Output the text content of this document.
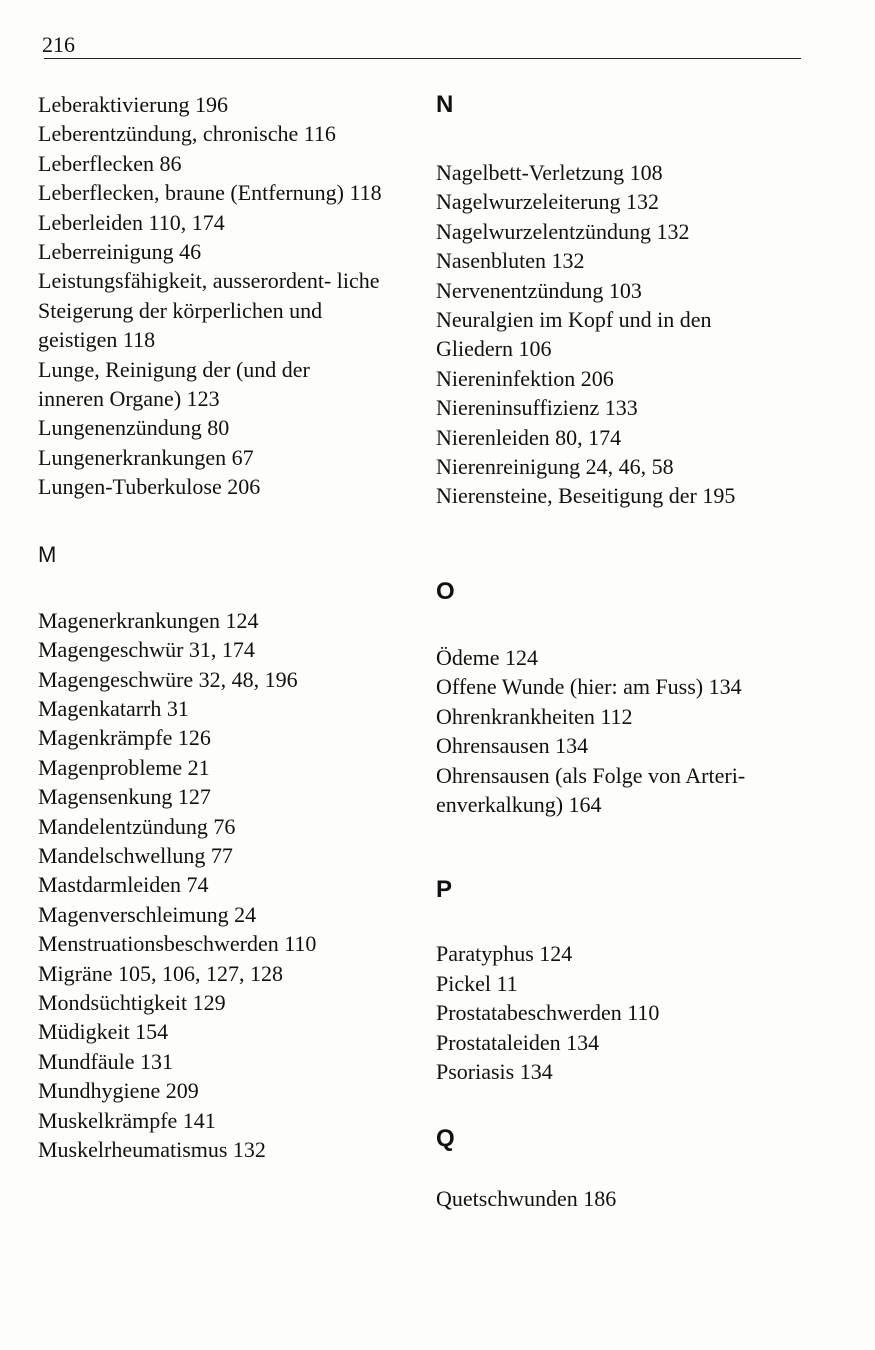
216

Leberaktivierung 196

Leberentzündung, chronische 116

Leberflecken 86

Leberflecken, braune (Entfernung) 118

Leberleiden 110, 174

Leberreinigung 46

Leistungsfähigkeit, ausserordent- liche Steigerung der körperlichen und geistigen 118

Lunge, Reinigung der (und der inneren Organe) 123

Lungenenzündung 80

Lungenerkrankungen 67

Lungen-Tuberkulose 206

M

Magenerkrankungen 124

Magengeschwür 31, 174

Magengeschwüre 32, 48, 196

Magenkatarrh 31

Magenkrämpfe 126

Magenprobleme 21

Magensenkung 127

Mandelentzündung 76

Mandelschwellung 77

Mastdarmleiden 74

Magenverschleimung 24

Menstruationsbeschwerden 110

Migräne 105, 106, 127, 128

Mondsüchtigkeit 129

Müdigkeit 154

Mundfäule 131

Mundhygiene 209

Muskelkrämpfe 141

Muskelrheumatismus 132

N

Nagelbett-Verletzung 108

Nagelwurzeleiterung 132

Nagelwurzelentzündung 132

Nasenbluten 132

Nervenentzündung 103

Neuralgien im Kopf und in den Gliedern 106

Niereninfektion 206

Niereninsuffizienz 133

Nierenleiden 80, 174

Nierenreinigung 24, 46, 58

Nierensteine, Beseitigung der 195

O

Ödeme 124

Offene Wunde (hier: am Fuss) 134

Ohrenkrankheiten 112

Ohrensausen 134

Ohrensausen (als Folge von Arteri- enverkalkung) 164

P

Paratyphus 124

Pickel 11

Prostatabeschwerden 110

Prostataleiden 134

Psoriasis 134

Q

Quetschwunden 186
